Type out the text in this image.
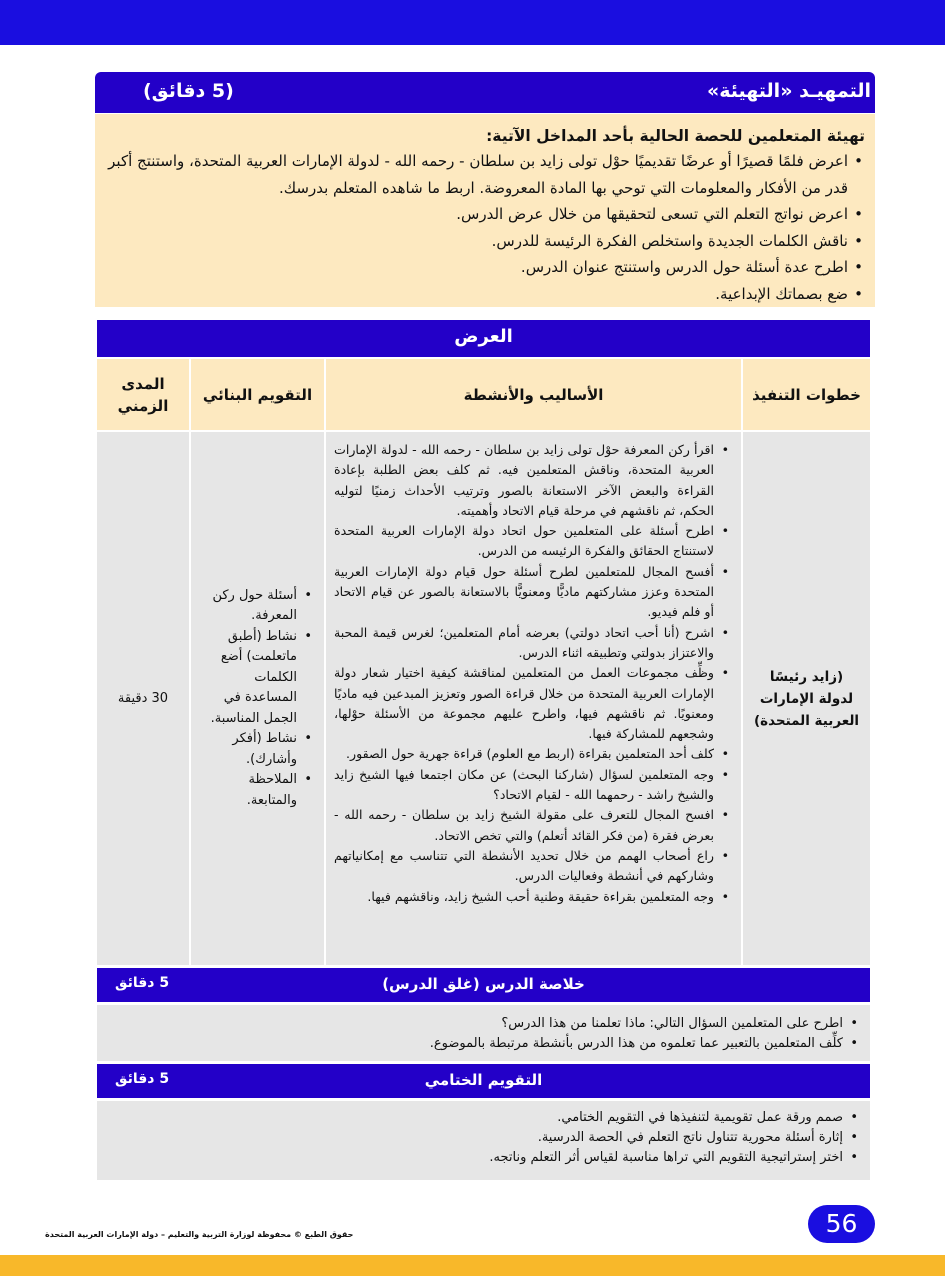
التمهيـد «التهيئة»
(5 دقائق)
تهيئة المتعلمين للحصة الحالية بأحد المداخل الآتية:
• اعرض فلمًا قصيرًا أو عرضًا تقديميًا حوْل تولى زايد بن سلطان - رحمه الله - لدولة الإمارات العربية المتحدة، واستنتج أكبر قدر من الأفكار والمعلومات التي توحي بها المادة المعروضة. اربط ما شاهده المتعلم بدرسك.
• اعرض نواتج التعلم التي تسعى لتحقيقها من خلال عرض الدرس.
• ناقش الكلمات الجديدة واستخلص الفكرة الرئيسة للدرس.
• اطرح عدة أسئلة حول الدرس واستنتج عنوان الدرس.
• ضع بصماتك الإبداعية.
العرض
خطوات التنفيذ
الأساليب والأنشطة
التقويم البنائي
المدى الزمني
(زايد رئيسًا لدولة الإمارات العربية المتحدة)
• اقرأ ركن المعرفة حوْل تولى زايد بن سلطان - رحمه الله - لدولة الإمارات العربية المتحدة، وناقش المتعلمين فيه. ثم كلف بعض الطلبة بإعادة القراءة والبعض الآخر الاستعانة بالصور وترتيب الأحداث زمنيًا لتوليه الحكم، ثم ناقشهم في مرحلة قيام الاتحاد وأهميته.
• اطرح أسئلة على المتعلمين حول اتحاد دولة الإمارات العربية المتحدة لاستنتاج الحقائق والفكرة الرئيسه من الدرس.
• أفسح المجال للمتعلمين لطرح أسئلة حول قيام دولة الإمارات العربية المتحدة وعزز مشاركتهم ماديًّا ومعنويًّا بالاستعانة بالصور عن قيام الاتحاد أو فلم فيديو.
• اشرح (أنا أحب اتحاد دولتي) بعرضه أمام المتعلمين؛ لغرس قيمة المحبة والاعتزاز بدولتي وتطبيقه اثناء الدرس.
• وظِّف مجموعات العمل من المتعلمين لمناقشة كيفية اختيار شعار دولة الإمارات العربية المتحدة من خلال قراءة الصور وتعزيز المبدعين فيه ماديًا ومعنويًا. ثم ناقشهم فيها، واطرح عليهم مجموعة من الأسئلة حوْلها، وشجعهم للمشاركة فيها.
• كلف أحد المتعلمين بقراءة (اربط مع العلوم) قراءة جهرية حول الصقور.
• وجه المتعلمين لسؤال (شاركنا البحث) عن مكان اجتمعا فيها الشيخ زايد والشيخ راشد - رحمهما الله - لقيام الاتحاد؟
• افسح المجال للتعرف على مقولة الشيخ زايد بن سلطان - رحمه الله - بعرض فقرة (من فكر القائد أتعلم) والتي تخص الاتحاد.
• راع أصحاب الهمم من خلال تحديد الأنشطة التي تتناسب مع إمكانياتهم وشاركهم في أنشطة وفعاليات الدرس.
• وجه المتعلمين بقراءة حقيقة وطنية أحب الشيخ زايد، وناقشهم فيها.
• أسئلة حول ركن المعرفة.
• نشاط (أطبق ماتعلمت) أضع الكلمات المساعدة في الجمل المناسبة.
• نشاط (أفكر وأشارك).
• الملاحظة والمتابعة.
30 دقيقة
خلاصة الدرس (غلق الدرس)
5 دقائق
• اطرح على المتعلمين السؤال التالي: ماذا تعلمنا من هذا الدرس؟
• كلِّف المتعلمين بالتعبير عما تعلموه من هذا الدرس بأنشطة مرتبطة بالموضوع.
التقويم الختامي
5 دقائق
• صمم ورقة عمل تقويمية لتنفيذها في التقويم الختامي.
• إثارة أسئلة محورية تتناول ناتج التعلم في الحصة الدرسية.
• اختر إستراتيجية التقويم التي تراها مناسبة لقياس أثر التعلم وناتجه.
56
حقوق الطبع © محفوظة لوزارة التربية والتعليم – دولة الإمارات العربية المتحدة
